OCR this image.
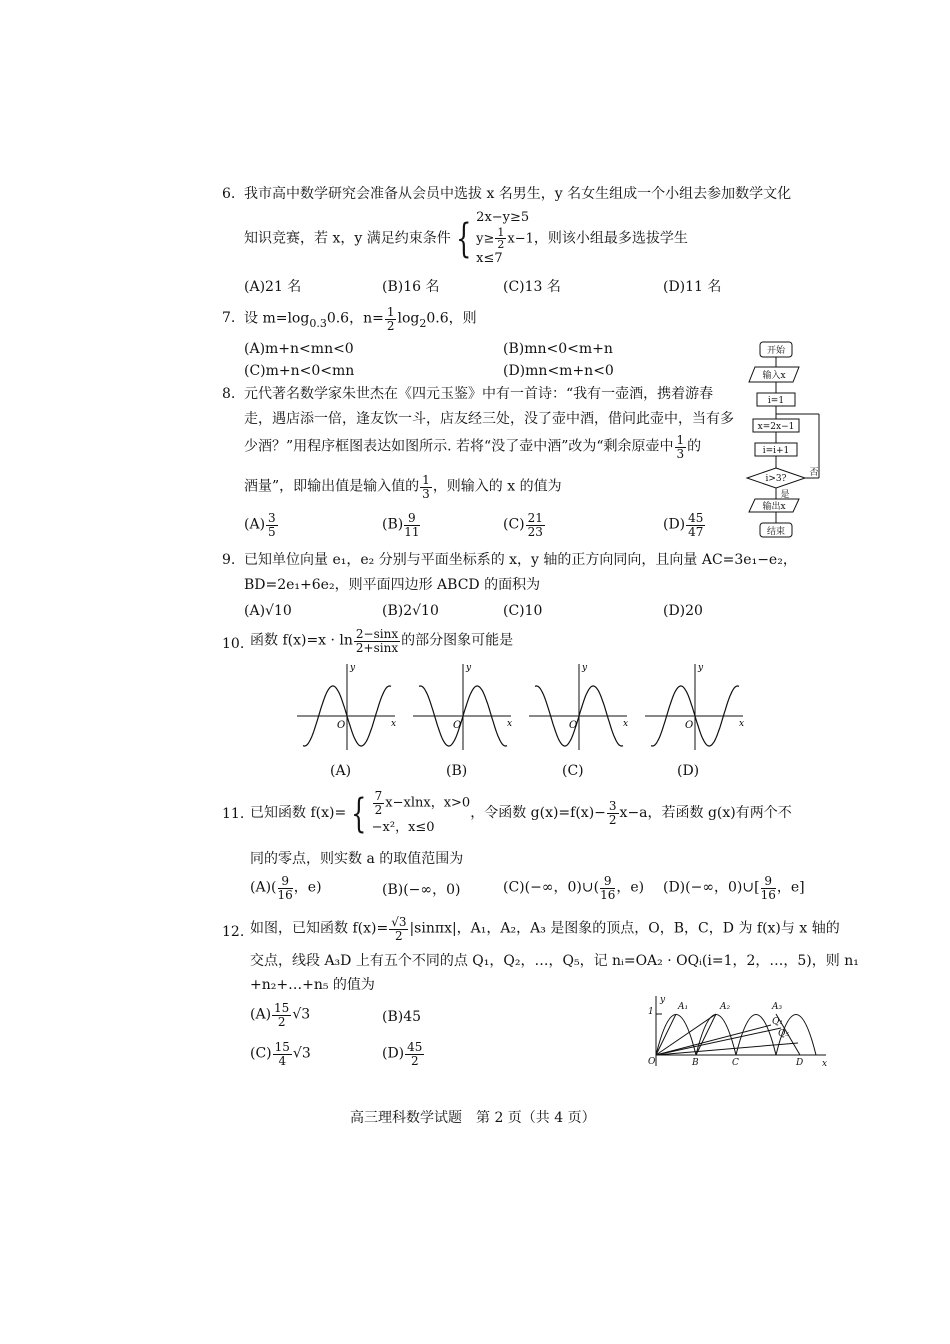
6. 我市高中数学研究会准备从会员中选拔 x 名男生，y 名女生组成一个小组去参加数学文化
知识竞赛，若 x，y 满足约束条件 { 2x−y≥5
$y\ge \frac{1}{2} x-1$
x≤7
，则该小组最多选拔学生
(A)21 名	(B)16 名	(C)13 名	(D)11 名
7. 设 $m=\log_{0.3}0.6$，$n= \frac{1}{2} \log_20.6$，则
(A)m+n<mn<0	(B)mn<0<m+n
(C)m+n<0<mn	(D)mn<m+n<0
8. 元代著名数学家朱世杰在《四元玉鉴》中有一首诗：“我有一壶酒，携着游春
走，遇店添一倍，逢友饮一斗，店友经三处，没了壶中酒，借问此壶中，当有多
少酒？”用程序框图表达如图所示. 若将“没了壶中酒”改为“剩余原壶中 $\frac{1}{3}$ 的
酒量”，即输出值是输入值的 $\frac{1}{3}$ ，则输入的 x 的值为
$(A) \frac{3}{5}$	$(B) \frac{9}{11}$	$(C) \frac{21}{23}$	$(D) \frac{45}{47}$
开始
输入x
i=1
x=2x−1
i=i+1
i>3?
否
是
输出x
结束
9. 已知单位向量 e₁，e₂ 分别与平面坐标系的 x，y 轴的正方向同向，且向量 AC=3e₁−e₂，
BD=2e₁+6e₂，则平面四边形 ABCD 的面积为
(A)√10	(B)2√10	(C)10	(D)20
10. 函数 $f(x)=x \cdot \ln \frac{2-\sin x}{2+\sin x}$ 的部分图象可能是
y
x
O
y
x
O
y
x
O
y
x
O
(A)	(B)	(C)	(D)
11. 已知函数 f(x)= { $\frac{7}{2} x-xlnx$，x>0
−x²，x≤0
，令函数 $g(x)=f(x)- \frac{3}{2} x-a$，若函数 g(x)有两个不
同的零点，则实数 a 的取值范围为
$(A)( \frac{9}{16}$ ，e)	(B)(−∞，0)	(C)(−∞，0)∪( $\frac{9}{16}$ ，e) (D)(−∞，0)∪[ $\frac{9}{16}$ ，e]
12. 如图，已知函数 $f(x)= \frac{√3}{2} |\sin\pi x|$，A₁，A₂，A₃ 是图象的顶点，O，B，C，D 为 f(x)与 x 轴的
交点，线段 A₃D 上有五个不同的点 Q₁，Q₂，…，Q₅，记 nᵢ=OA₂ · OQᵢ(i=1，2，…，5)，则 n₁
+n₂+…+n₅ 的值为
$(A) \frac{15}{2} √3$	(B)45
$(C) \frac{15}{4} √3$	$(D) \frac{45}{2}$
1
y
x
O	B	C	D
A₁	A₂	A₃
Q₁
Q₅
高三理科数学试题　第 2 页（共 4 页）
